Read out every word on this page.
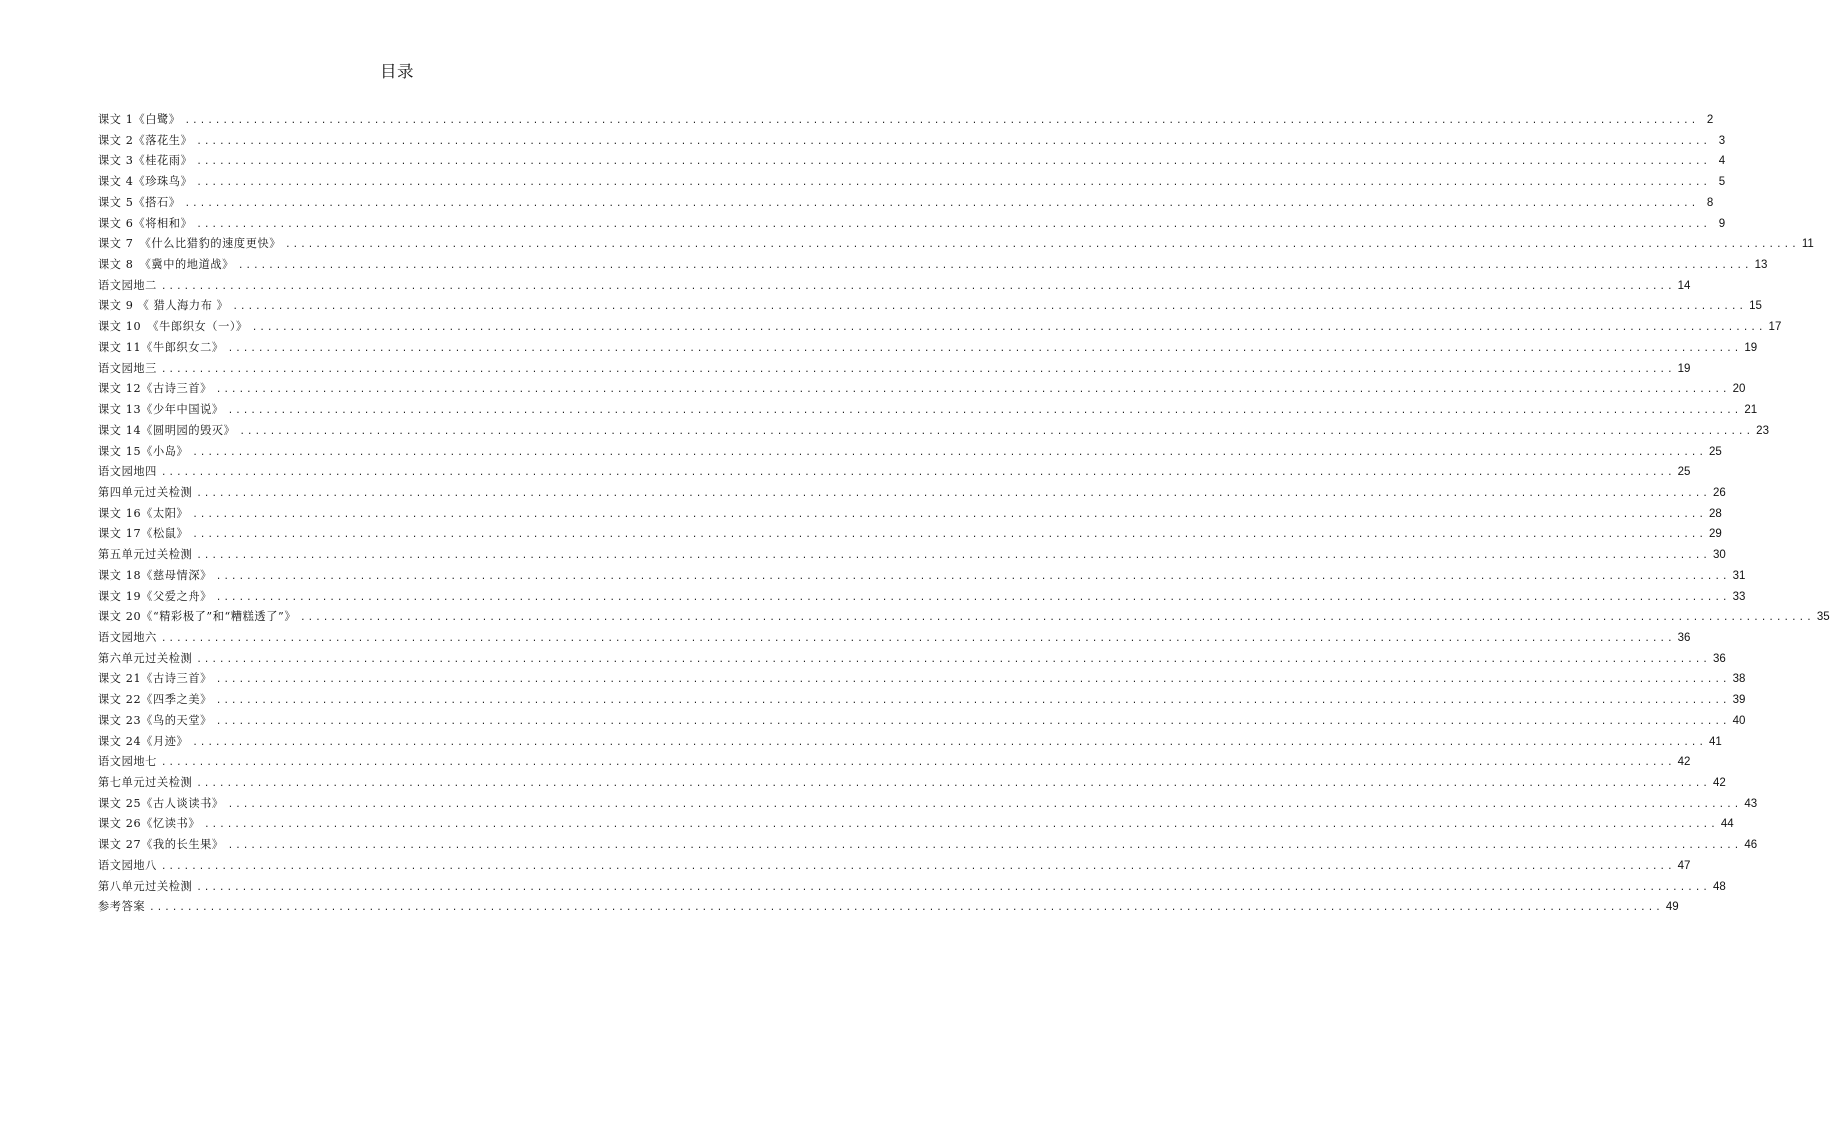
目录
课文 1《白鹭》 ........................................................................................................................................................................................................ 2
课文 2《落花生》 ........................................................................................................................................................................................................ 3
课文 3《桂花雨》 ........................................................................................................................................................................................................ 4
课文 4《珍珠鸟》 ........................................................................................................................................................................................................ 5
课文 5《搭石》 ........................................................................................................................................................................................................ 8
课文 6《将相和》 ........................................................................................................................................................................................................ 9
课文 7　《什么比猎豹的速度更快》 ........................................................................................................................................................................................................ 11
课文 8　《冀中的地道战》 ........................................................................................................................................................................................................ 13
语文园地二 ........................................................................................................................................................................................................ 14
课文 9 《 猎人海力布 》 ........................................................................................................................................................................................................ 15
课文 10　《牛郎织女（一）》 ........................................................................................................................................................................................................ 17
课文 11《牛郎织女二》 ........................................................................................................................................................................................................ 19
语文园地三 ........................................................................................................................................................................................................ 19
课文 12《古诗三首》 ........................................................................................................................................................................................................ 20
课文 13《少年中国说》 ........................................................................................................................................................................................................ 21
课文 14《圆明园的毁灭》 ........................................................................................................................................................................................................ 23
课文 15《小岛》 ........................................................................................................................................................................................................ 25
语文园地四 ........................................................................................................................................................................................................ 25
第四单元过关检测 ........................................................................................................................................................................................................ 26
课文 16《太阳》 ........................................................................................................................................................................................................ 28
课文 17《松鼠》 ........................................................................................................................................................................................................ 29
第五单元过关检测 ........................................................................................................................................................................................................ 30
课文 18《慈母情深》 ........................................................................................................................................................................................................ 31
课文 19《父爱之舟》 ........................................................................................................................................................................................................ 33
课文 20《“精彩极了”和“糟糕透了”》 ........................................................................................................................................................................................................ 35
语文园地六 ........................................................................................................................................................................................................ 36
第六单元过关检测 ........................................................................................................................................................................................................ 36
课文 21《古诗三首》 ........................................................................................................................................................................................................ 38
课文 22《四季之美》 ........................................................................................................................................................................................................ 39
课文 23《鸟的天堂》 ........................................................................................................................................................................................................ 40
课文 24《月迹》 ........................................................................................................................................................................................................ 41
语文园地七 ........................................................................................................................................................................................................ 42
第七单元过关检测 ........................................................................................................................................................................................................ 42
课文 25《古人谈读书》 ........................................................................................................................................................................................................ 43
课文 26《忆读书》 ........................................................................................................................................................................................................ 44
课文 27《我的长生果》 ........................................................................................................................................................................................................ 46
语文园地八 ........................................................................................................................................................................................................ 47
第八单元过关检测 ........................................................................................................................................................................................................ 48
参考答案 ........................................................................................................................................................................................................ 49
